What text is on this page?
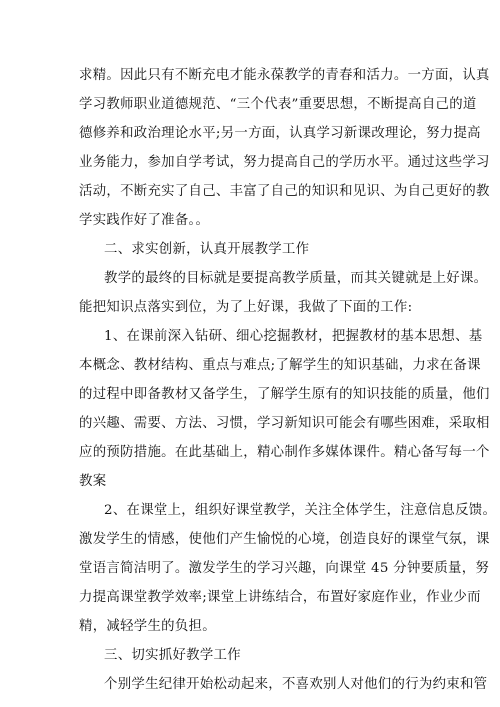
求精。因此只有不断充电才能永葆教学的青春和活力。一方面，认真
学习教师职业道德规范、“三个代表”重要思想，不断提高自己的道
德修养和政治理论水平;另一方面，认真学习新课改理论，努力提高
业务能力，参加自学考试，努力提高自己的学历水平。通过这些学习
活动，不断充实了自己、丰富了自己的知识和见识、为自己更好的教
学实践作好了准备。。
二、求实创新，认真开展教学工作
教学的最终的目标就是要提高教学质量，而其关键就是上好课。
能把知识点落实到位，为了上好课，我做了下面的工作:
1、在课前深入钻研、细心挖掘教材，把握教材的基本思想、基
本概念、教材结构、重点与难点;了解学生的知识基础，力求在备课
的过程中即备教材又备学生，了解学生原有的知识技能的质量，他们
的兴趣、需要、方法、习惯，学习新知识可能会有哪些困难，采取相
应的预防措施。在此基础上，精心制作多媒体课件。精心备写每一个
教案
2、在课堂上，组织好课堂教学，关注全体学生，注意信息反馈。
激发学生的情感，使他们产生愉悦的心境，创造良好的课堂气氛，课
堂语言简洁明了。激发学生的学习兴趣，向课堂 45 分钟要质量，努
力提高课堂教学效率;课堂上讲练结合，布置好家庭作业，作业少而
精，减轻学生的负担。
三、切实抓好教学工作
个别学生纪律开始松动起来，不喜欢别人对他们的行为约束和管
